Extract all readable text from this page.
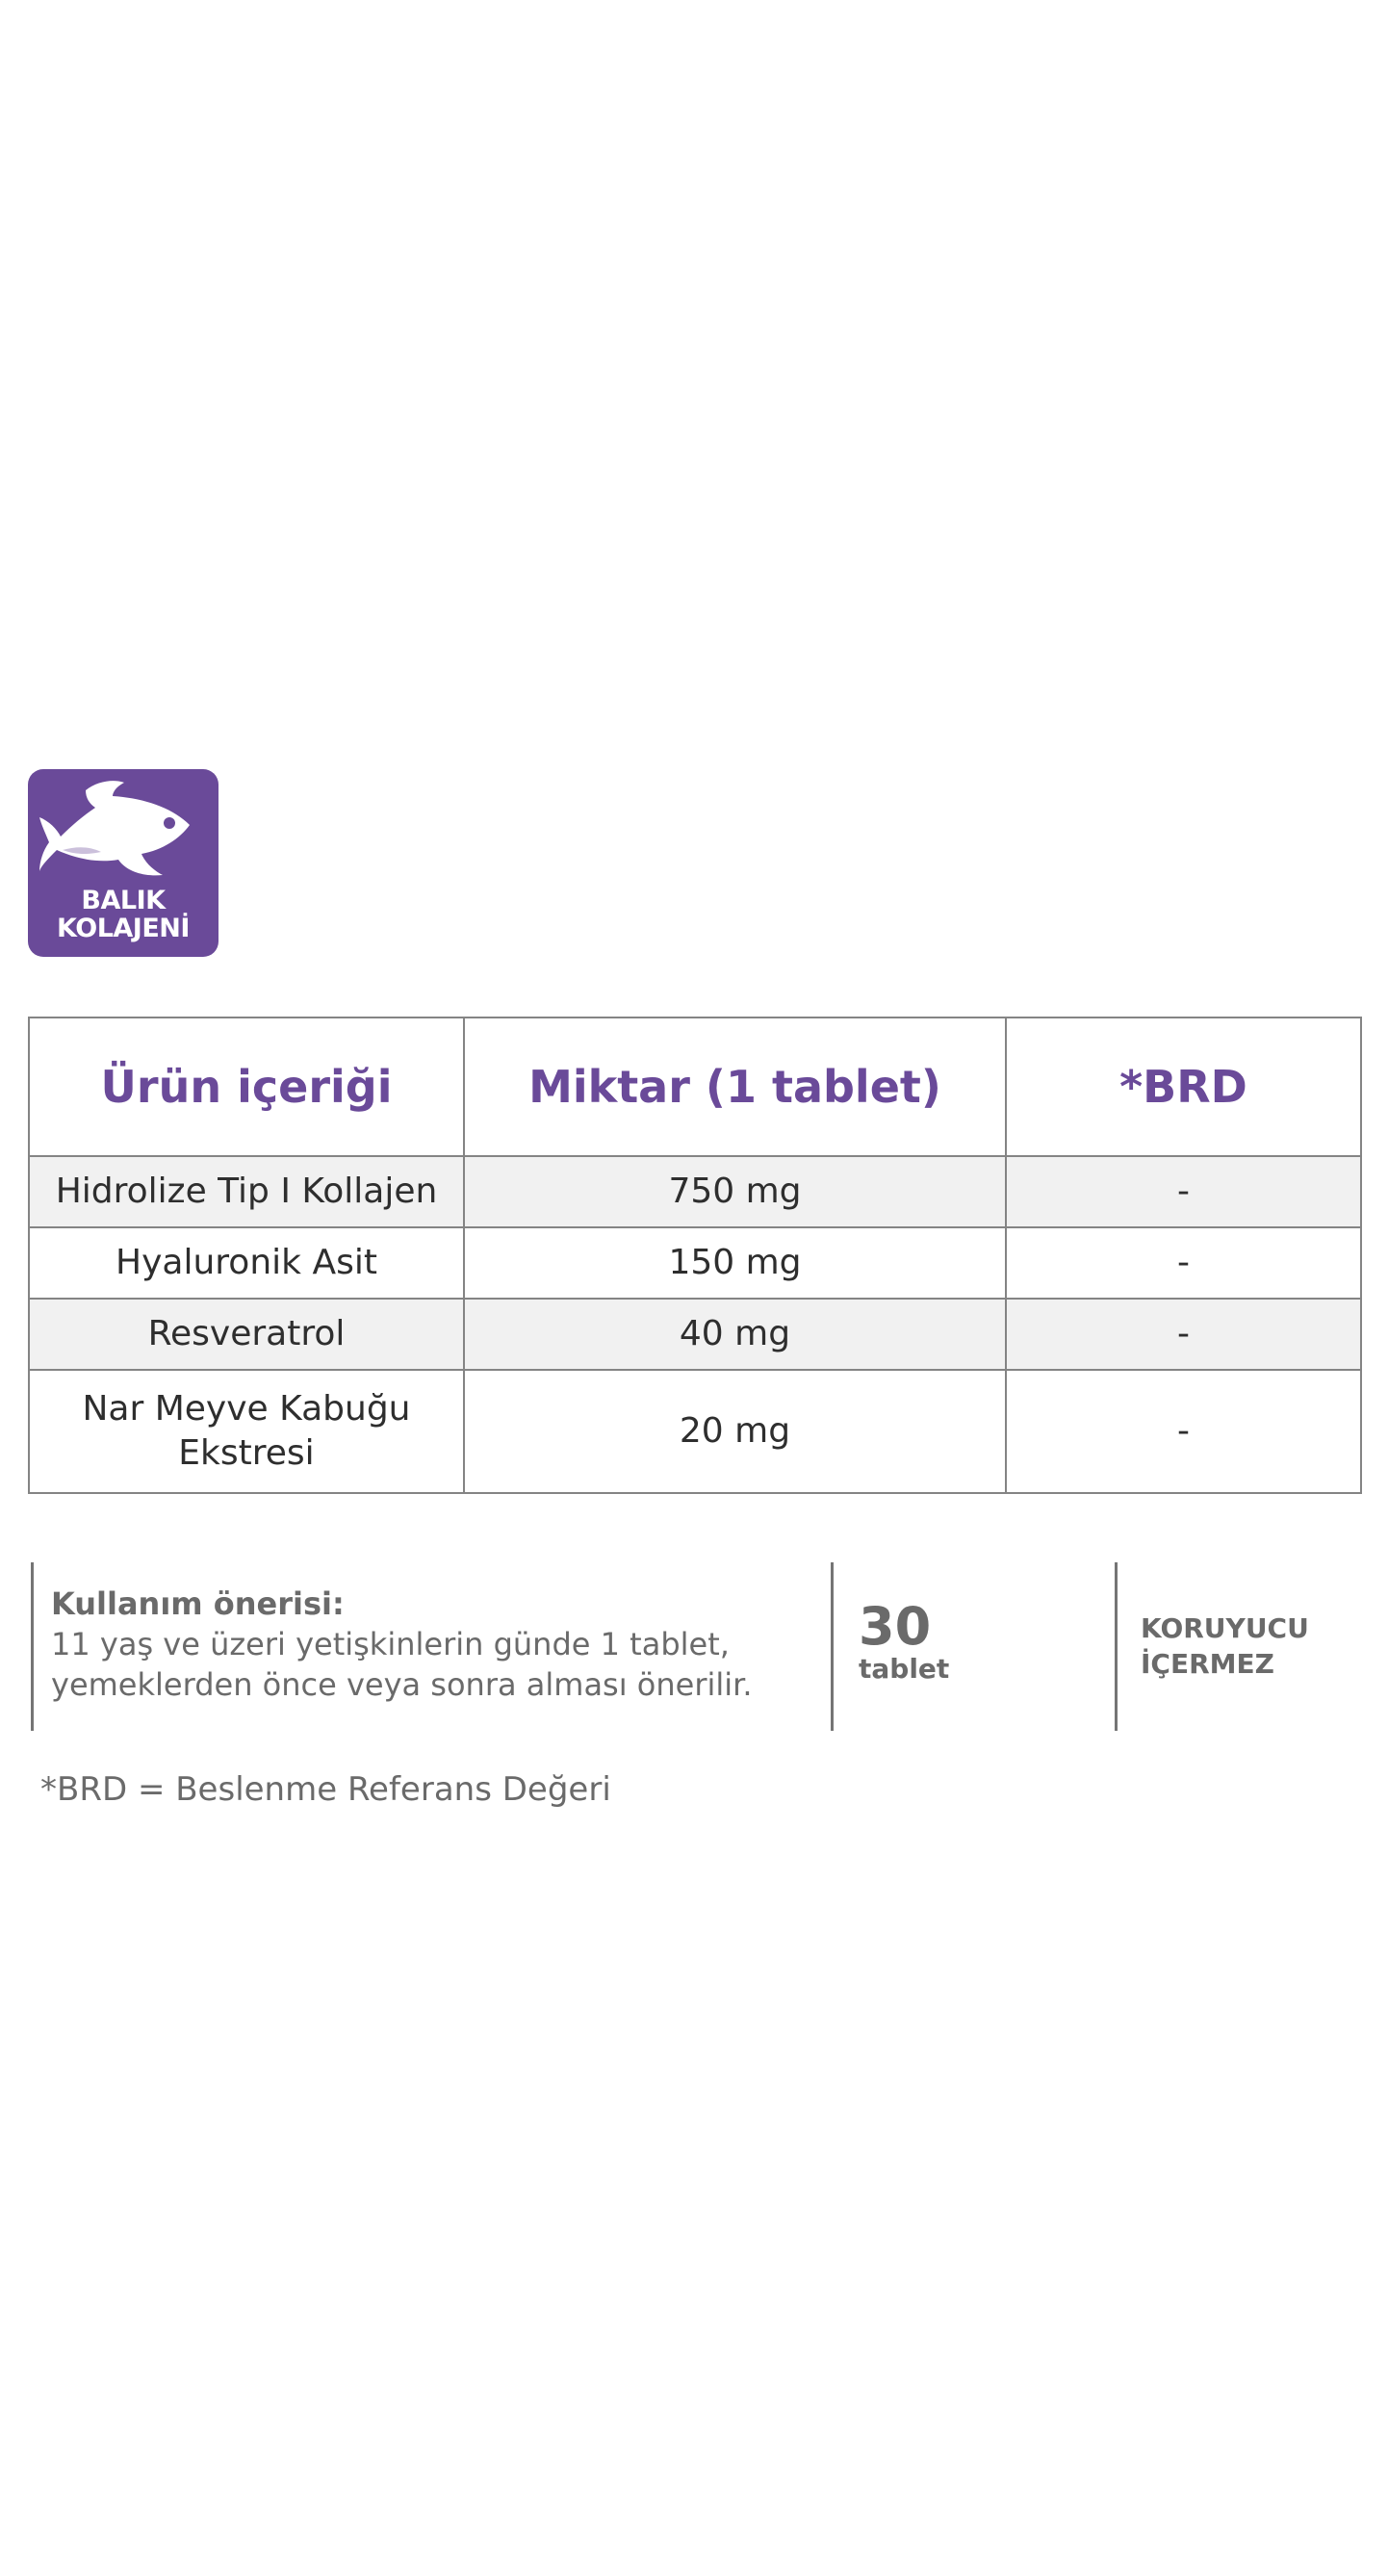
BALIK
KOLAJENİ
Ürün içeriği	Miktar (1 tablet)	*BRD
Hidrolize Tip I Kollajen	750 mg	-
Hyaluronik Asit	150 mg	-
Resveratrol	40 mg	-

Nar Meyve Kabuğu Ekstresi	20 mg	-
Kullanım önerisi:
11 yaş ve üzeri yetişkinlerin günde 1 tablet, yemeklerden önce veya sonra alması önerilir.
30
tablet
KORUYUCU
İÇERMEZ
*BRD = Beslenme Referans Değeri
